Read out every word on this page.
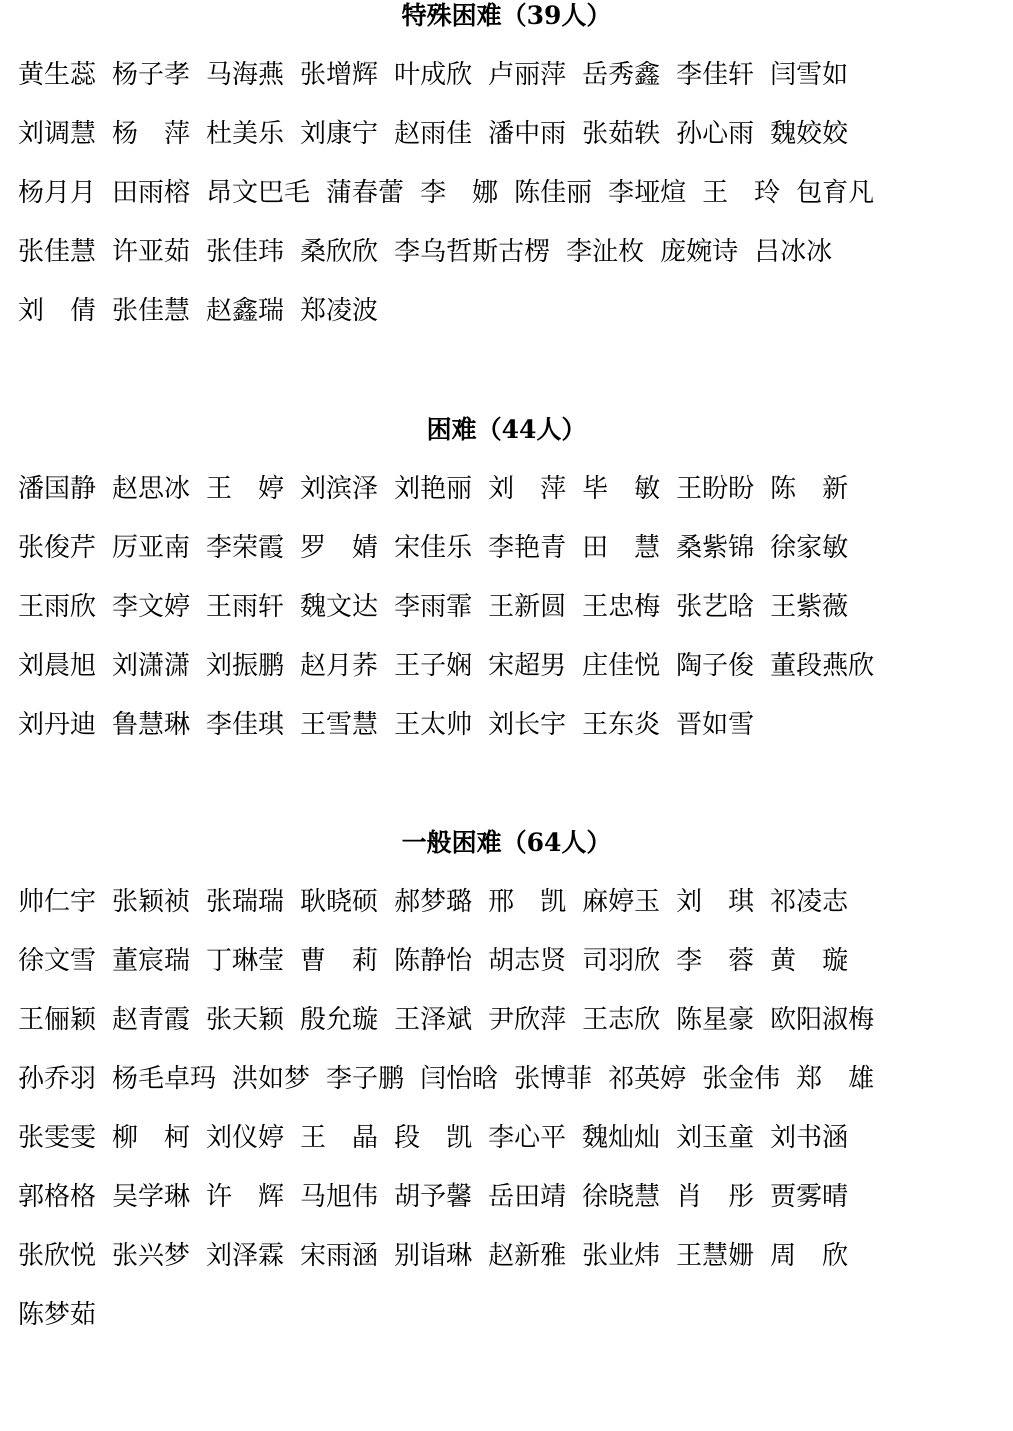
特殊困难（39人）
黄生蕊 杨子孝 马海燕 张增辉 叶成欣 卢丽萍 岳秀鑫 李佳轩 闫雪如
刘调慧 杨　萍 杜美乐 刘康宁 赵雨佳 潘中雨 张茹轶 孙心雨 魏姣姣
杨月月 田雨榕 昂文巴毛 蒲春蕾 李　娜 陈佳丽 李垭煊 王　玲 包育凡
张佳慧 许亚茹 张佳玮 桑欣欣 李乌哲斯古楞 李沚枚 庞婉诗 吕冰冰
刘　倩 张佳慧 赵鑫瑞 郑凌波
困难（44人）
潘国静 赵思冰 王　婷 刘滨泽 刘艳丽 刘　萍 毕　敏 王盼盼 陈　新
张俊芹 厉亚南 李荣霞 罗　婧 宋佳乐 李艳青 田　慧 桑紫锦 徐家敏
王雨欣 李文婷 王雨轩 魏文达 李雨霏 王新圆 王忠梅 张艺晗 王紫薇
刘晨旭 刘潇潇 刘振鹏 赵月荞 王子娴 宋超男 庄佳悦 陶子俊 董段燕欣
刘丹迪 鲁慧琳 李佳琪 王雪慧 王太帅 刘长宇 王东炎 晋如雪
一般困难（64人）
帅仁宇 张颖祯 张瑞瑞 耿晓硕 郝梦璐 邢　凯 麻婷玉 刘　琪 祁凌志
徐文雪 董宸瑞 丁琳莹 曹　莉 陈静怡 胡志贤 司羽欣 李　蓉 黄　璇
王俪颖 赵青霞 张天颖 殷允璇 王泽斌 尹欣萍 王志欣 陈星豪 欧阳淑梅
孙乔羽 杨毛卓玛 洪如梦 李子鹏 闫怡晗 张博菲 祁英婷 张金伟 郑　雄
张雯雯 柳　柯 刘仪婷 王　晶 段　凯 李心平 魏灿灿 刘玉童 刘书涵
郭格格 吴学琳 许　辉 马旭伟 胡予馨 岳田靖 徐晓慧 肖　彤 贾雾晴
张欣悦 张兴梦 刘泽霖 宋雨涵 别诣琳 赵新雅 张业炜 王慧姗 周　欣
陈梦茹
